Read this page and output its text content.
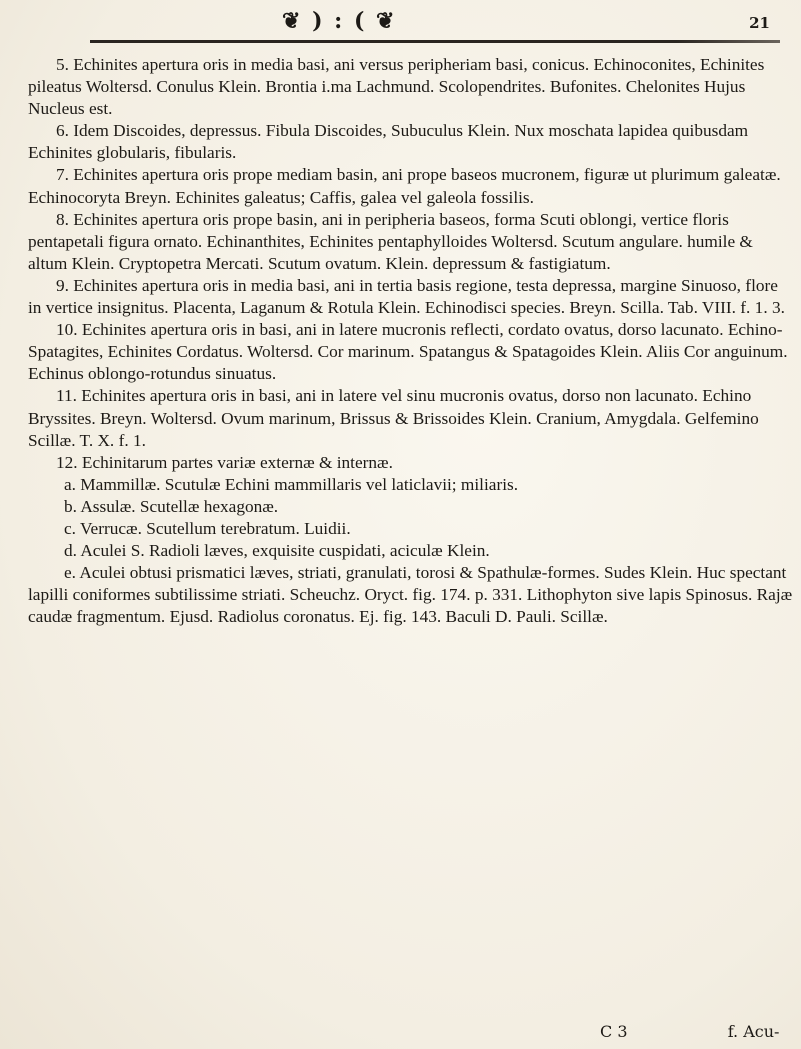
❦ ) : ( ❦	21

5. Echinites apertura oris in media basi, ani versus peripheriam basi, conicus. Echinoconites, Echinites pileatus Woltersd. Conulus Klein. Brontia i.ma Lachmund. Scolopendrites. Bufonites. Chelonites Hujus Nucleus est.

6. Idem Discoides, depressus. Fibula Discoides, Subuculus Klein. Nux moschata lapidea quibusdam Echinites globularis, fibularis.

7. Echinites apertura oris prope mediam basin, ani prope baseos mucronem, figuræ ut plurimum galeatæ. Echinocoryta Breyn. Echinites galeatus; Caffis, galea vel galeola fossilis.

8. Echinites apertura oris prope basin, ani in peripheria baseos, forma Scuti oblongi, vertice floris pentapetali figura ornato. Echinanthites, Echinites pentaphylloides Woltersd. Scutum angulare. humile & altum Klein. Cryptopetra Mercati. Scutum ovatum. Klein. depressum & fastigiatum.

9. Echinites apertura oris in media basi, ani in tertia basis regione, testa depressa, margine Sinuoso, flore in vertice insignitus. Placenta, Laganum & Rotula Klein. Echinodisci species. Breyn. Scilla. Tab. VIII. f. 1. 3.

10. Echinites apertura oris in basi, ani in latere mucronis reflecti, cordato ovatus, dorso lacunato. Echino-Spatagites, Echinites Cordatus. Woltersd. Cor marinum. Spatangus & Spatagoides Klein. Aliis Cor anguinum. Echinus oblongo-rotundus sinuatus.

11. Echinites apertura oris in basi, ani in latere vel sinu mucronis ovatus, dorso non lacunato. Echino Bryssites. Breyn. Woltersd. Ovum marinum, Brissus & Brissoides Klein. Cranium, Amygdala. Gelfemino Scillæ. T. X. f. 1.

12. Echinitarum partes variæ externæ & internæ.

a. Mammillæ. Scutulæ Echini mammillaris vel laticlavii; miliaris.

b. Assulæ. Scutellæ hexagonæ.

c. Verrucæ. Scutellum terebratum. Luidii.

d. Aculei S. Radioli læves, exquisite cuspidati, aciculæ Klein.

e. Aculei obtusi prismatici læves, striati, granulati, torosi & Spathulæ-formes. Sudes Klein. Huc spectant lapilli coniformes subtilissime striati. Scheuchz. Oryct. fig. 174. p. 331. Lithophyton sive lapis Spinosus. Rajæ caudæ fragmentum. Ejusd. Radiolus coronatus. Ej. fig. 143. Baculi D. Pauli. Scillæ.

C 3	f. Acu-
